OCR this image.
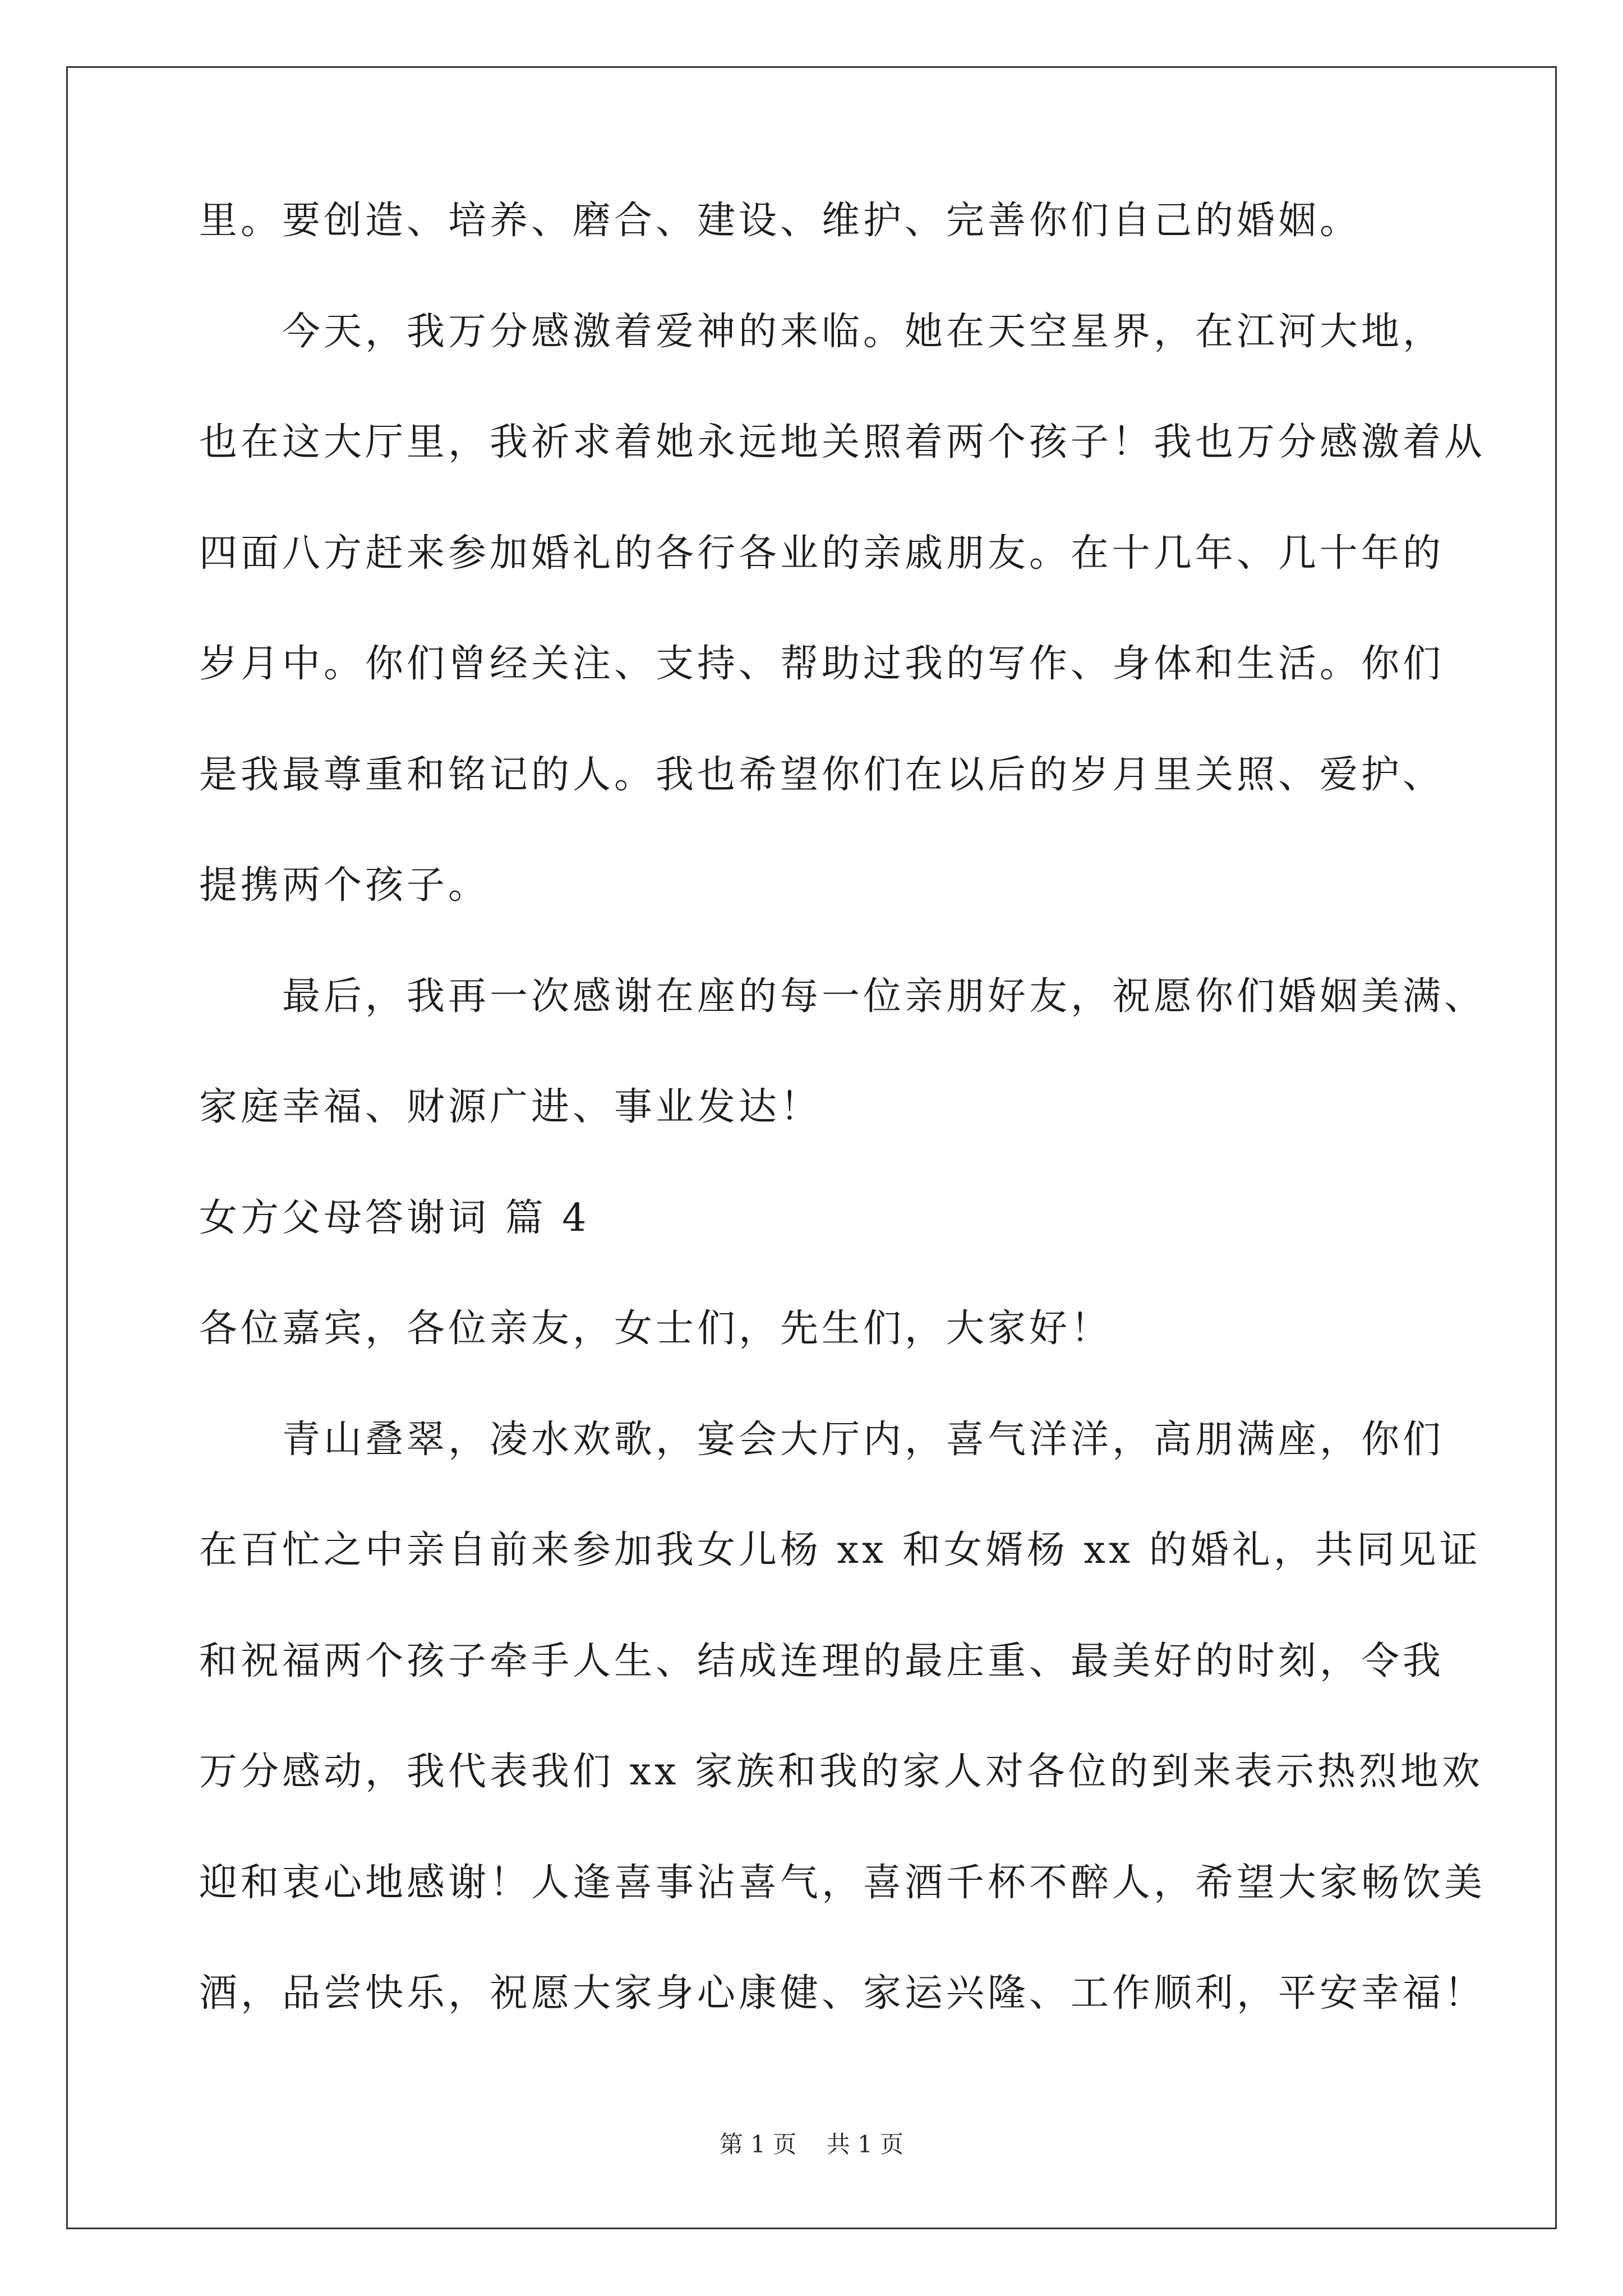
里。要创造、培养、磨合、建设、维护、完善你们自己的婚姻。
今天，我万分感激着爱神的来临。她在天空星界，在江河大地，
也在这大厅里，我祈求着她永远地关照着两个孩子！我也万分感激着从
四面八方赶来参加婚礼的各行各业的亲戚朋友。在十几年、几十年的
岁月中。你们曾经关注、支持、帮助过我的写作、身体和生活。你们
是我最尊重和铭记的人。我也希望你们在以后的岁月里关照、爱护、
提携两个孩子。
最后，我再一次感谢在座的每一位亲朋好友，祝愿你们婚姻美满、
家庭幸福、财源广进、事业发达！
女方父母答谢词 篇 4
各位嘉宾，各位亲友，女士们，先生们，大家好！
青山叠翠，凌水欢歌，宴会大厅内，喜气洋洋，高朋满座，你们
在百忙之中亲自前来参加我女儿杨 xx 和女婿杨 xx 的婚礼，共同见证
和祝福两个孩子牵手人生、结成连理的最庄重、最美好的时刻，令我
万分感动，我代表我们 xx 家族和我的家人对各位的到来表示热烈地欢
迎和衷心地感谢！人逢喜事沾喜气，喜酒千杯不醉人，希望大家畅饮美
酒，品尝快乐，祝愿大家身心康健、家运兴隆、工作顺利，平安幸福！
第 1 页    共 1 页
